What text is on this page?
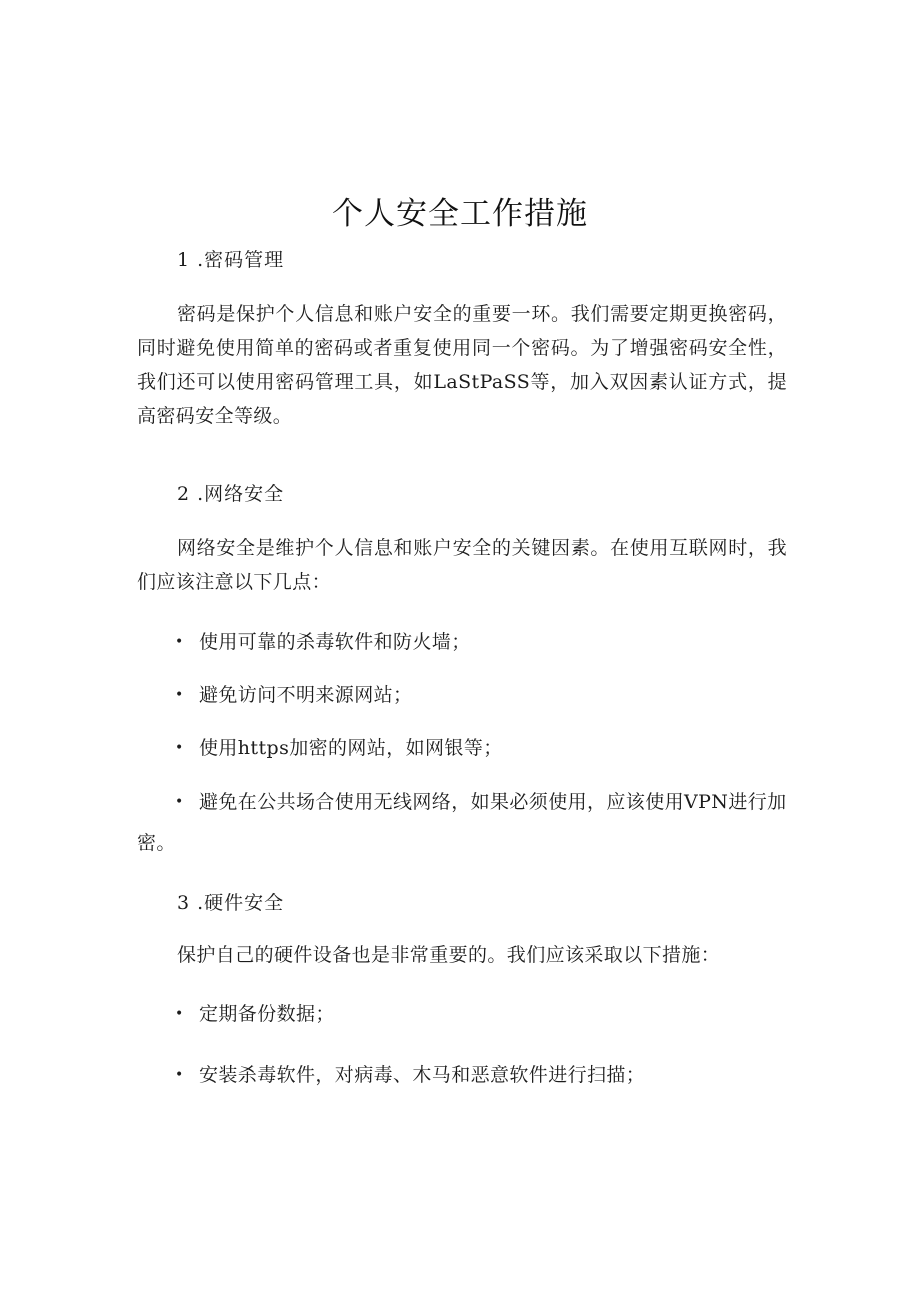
个人安全工作措施
1 .密码管理
密码是保护个人信息和账户安全的重要一环。我们需要定期更换密码，同时避免使用简单的密码或者重复使用同一个密码。为了增强密码安全性，我们还可以使用密码管理工具，如LaStPaSS等，加入双因素认证方式，提高密码安全等级。
2 .网络安全
网络安全是维护个人信息和账户安全的关键因素。在使用互联网时，我们应该注意以下几点：
• 使用可靠的杀毒软件和防火墙；
• 避免访问不明来源网站；
• 使用https加密的网站，如网银等；
• 避免在公共场合使用无线网络，如果必须使用，应该使用VPN进行加密。
3 .硬件安全
保护自己的硬件设备也是非常重要的。我们应该采取以下措施：
• 定期备份数据；
• 安装杀毒软件，对病毒、木马和恶意软件进行扫描；
